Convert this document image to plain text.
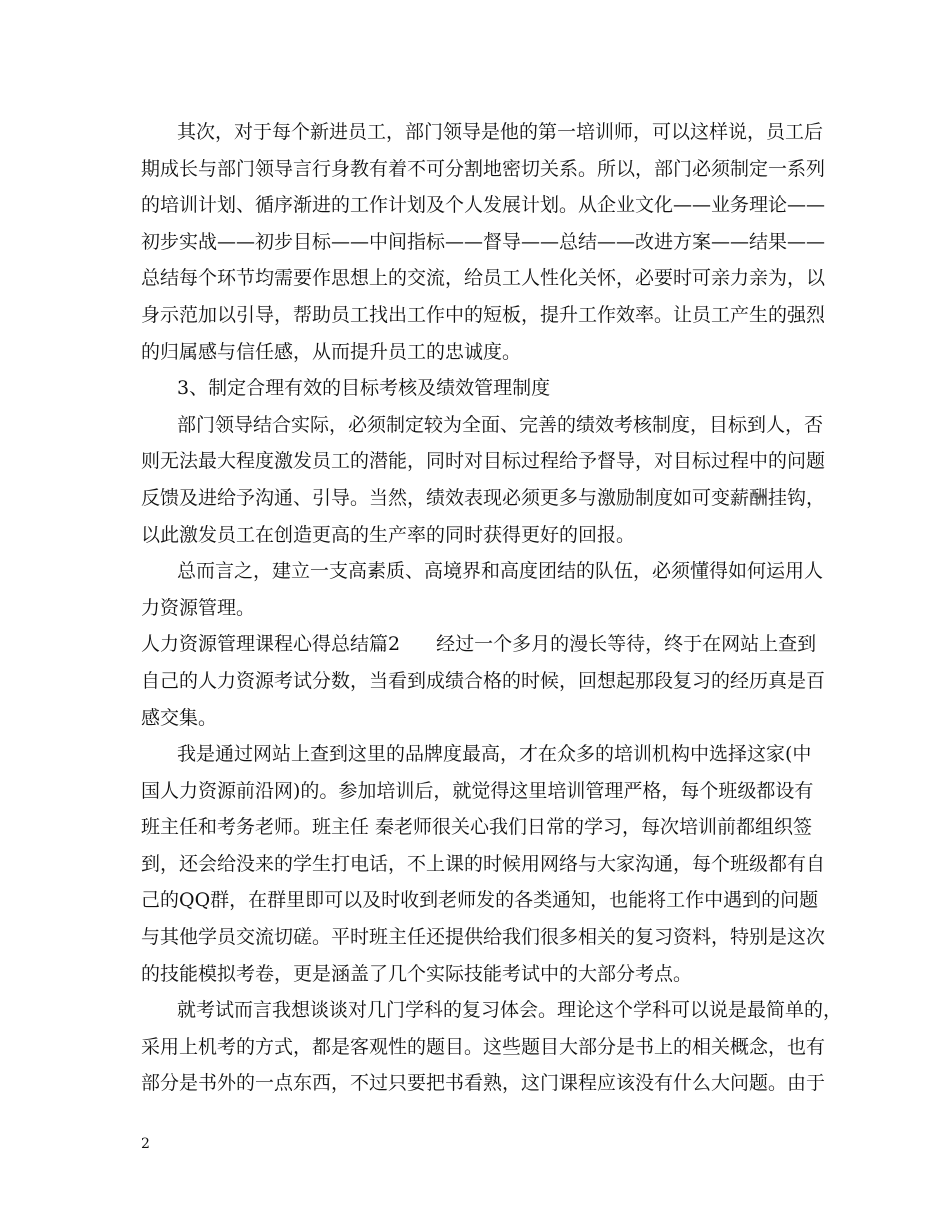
其次，对于每个新进员工，部门领导是他的第一培训师，可以这样说，员工后
期成长与部门领导言行身教有着不可分割地密切关系。所以，部门必须制定一系列
的培训计划、循序渐进的工作计划及个人发展计划。从企业文化——业务理论——
初步实战——初步目标——中间指标——督导——总结——改进方案——结果——
总结每个环节均需要作思想上的交流，给员工人性化关怀，必要时可亲力亲为，以
身示范加以引导，帮助员工找出工作中的短板，提升工作效率。让员工产生的强烈
的归属感与信任感，从而提升员工的忠诚度。
3、制定合理有效的目标考核及绩效管理制度
部门领导结合实际，必须制定较为全面、完善的绩效考核制度，目标到人，否
则无法最大程度激发员工的潜能，同时对目标过程给予督导，对目标过程中的问题
反馈及进给予沟通、引导。当然，绩效表现必须更多与激励制度如可变薪酬挂钩，
以此激发员工在创造更高的生产率的同时获得更好的回报。
总而言之，建立一支高素质、高境界和高度团结的队伍，必须懂得如何运用人
力资源管理。
人力资源管理课程心得总结篇2 经过一个多月的漫长等待，终于在网站上查到
自己的人力资源考试分数，当看到成绩合格的时候，回想起那段复习的经历真是百
感交集。
我是通过网站上查到这里的品牌度最高，才在众多的培训机构中选择这家(中
国人力资源前沿网)的。参加培训后，就觉得这里培训管理严格，每个班级都设有
班主任和考务老师。班主任 秦老师很关心我们日常的学习，每次培训前都组织签
到，还会给没来的学生打电话，不上课的时候用网络与大家沟通，每个班级都有自
己的QQ群，在群里即可以及时收到老师发的各类通知，也能将工作中遇到的问题
与其他学员交流切磋。平时班主任还提供给我们很多相关的复习资料，特别是这次
的技能模拟考卷，更是涵盖了几个实际技能考试中的大部分考点。
就考试而言我想谈谈对几门学科的复习体会。理论这个学科可以说是最简单的，
采用上机考的方式，都是客观性的题目。这些题目大部分是书上的相关概念，也有
部分是书外的一点东西，不过只要把书看熟，这门课程应该没有什么大问题。由于
2
